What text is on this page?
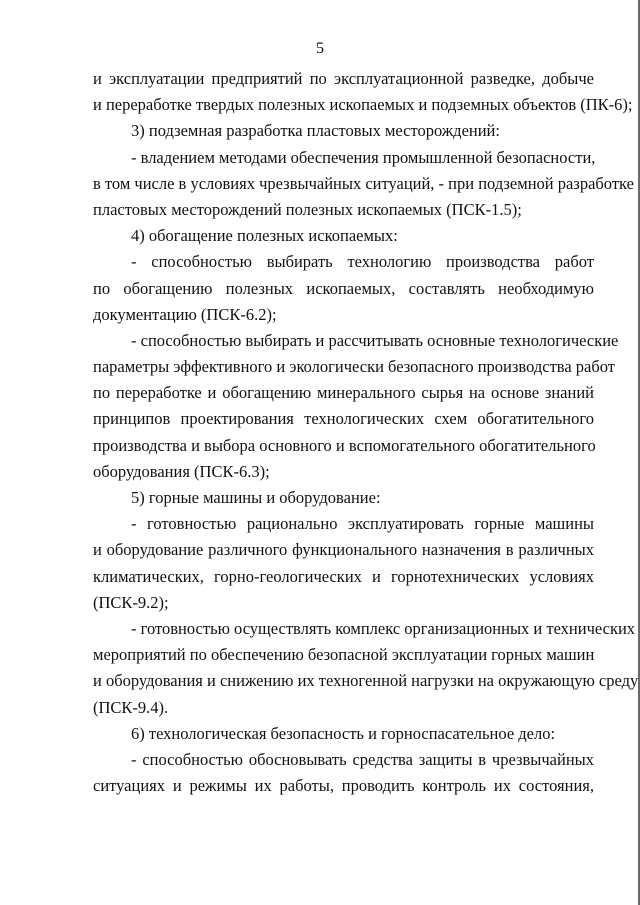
5
и эксплуатации предприятий по эксплуатационной разведке, добыче
и переработке твердых полезных ископаемых и подземных объектов (ПК-6);
3) подземная разработка пластовых месторождений:
- владением методами обеспечения промышленной безопасности,
в том числе в условиях чрезвычайных ситуаций, - при подземной разработке
пластовых месторождений полезных ископаемых (ПСК-1.5);
4) обогащение полезных ископаемых:
- способностью выбирать технологию производства работ
по обогащению полезных ископаемых, составлять необходимую
документацию (ПСК-6.2);
- способностью выбирать и рассчитывать основные технологические
параметры эффективного и экологически безопасного производства работ
по переработке и обогащению минерального сырья на основе знаний
принципов проектирования технологических схем обогатительного
производства и выбора основного и вспомогательного обогатительного
оборудования (ПСК-6.3);
5) горные машины и оборудование:
- готовностью рационально эксплуатировать горные машины
и оборудование различного функционального назначения в различных
климатических, горно-геологических и горнотехнических условиях
(ПСК-9.2);
- готовностью осуществлять комплекс организационных и технических
мероприятий по обеспечению безопасной эксплуатации горных машин
и оборудования и снижению их техногенной нагрузки на окружающую среду
(ПСК-9.4).
6) технологическая безопасность и горноспасательное дело:
- способностью обосновывать средства защиты в чрезвычайных
ситуациях и режимы их работы, проводить контроль их состояния,
